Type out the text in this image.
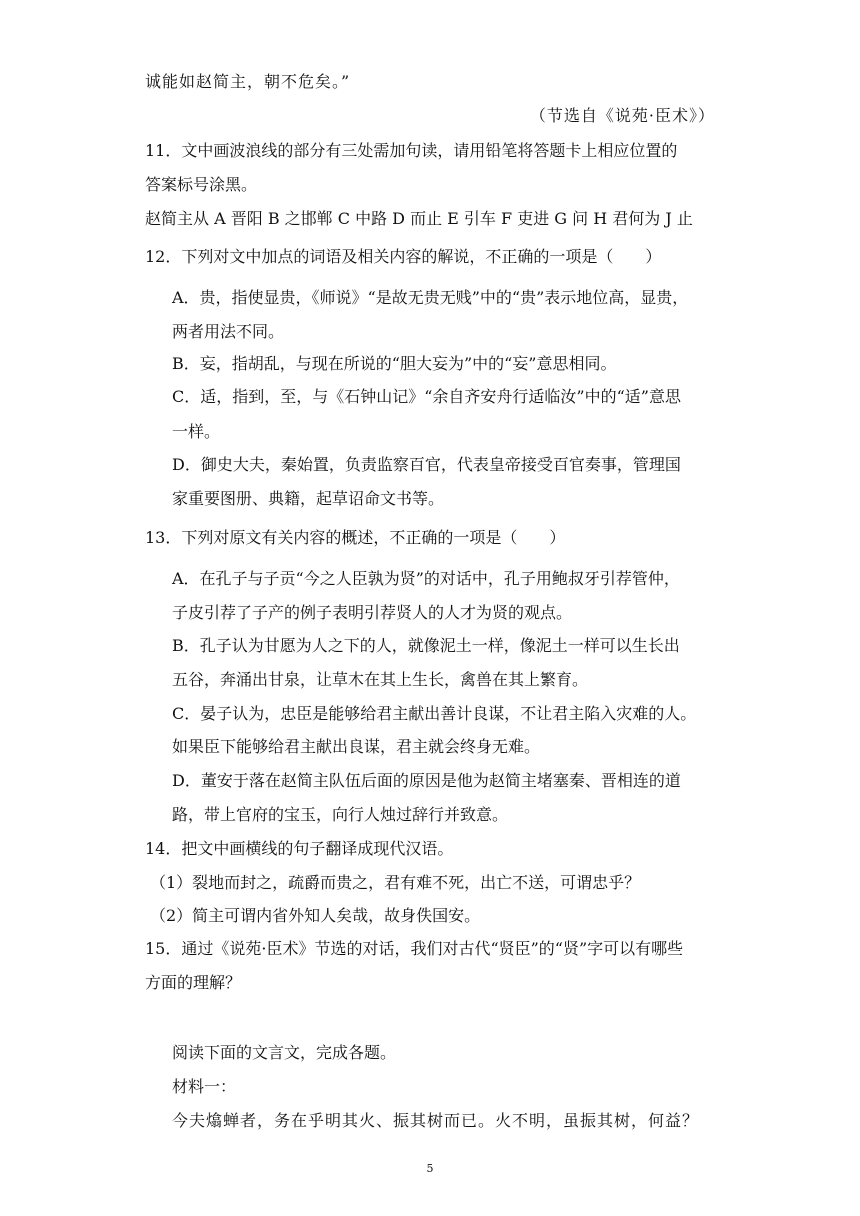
诚能如赵简主，朝不危矣。”
（节选自《说苑·臣术》）
11．文中画波浪线的部分有三处需加句读，请用铅笔将答题卡上相应位置的
答案标号涂黑。
赵简主从 A 晋阳 B 之邯郸 C 中路 D 而止 E 引车 F 吏进 G 问 H 君何为 J 止
12．下列对文中加点的词语及相关内容的解说，不正确的一项是（　　）
A．贵，指使显贵，《师说》“是故无贵无贱”中的“贵”表示地位高，显贵，
两者用法不同。
B．妄，指胡乱，与现在所说的“胆大妄为”中的“妄”意思相同。
C．适，指到，至，与《石钟山记》“余自齐安舟行适临汝”中的“适”意思
一样。
D．御史大夫，秦始置，负责监察百官，代表皇帝接受百官奏事，管理国
家重要图册、典籍，起草诏命文书等。
13．下列对原文有关内容的概述，不正确的一项是（　　）
A．在孔子与子贡“今之人臣孰为贤”的对话中，孔子用鲍叔牙引荐管仲，
子皮引荐了子产的例子表明引荐贤人的人才为贤的观点。
B．孔子认为甘愿为人之下的人，就像泥土一样，像泥土一样可以生长出
五谷，奔涌出甘泉，让草木在其上生长，禽兽在其上繁育。
C．晏子认为，忠臣是能够给君主献出善计良谋，不让君主陷入灾难的人。
如果臣下能够给君主献出良谋，君主就会终身无难。
D．董安于落在赵简主队伍后面的原因是他为赵简主堵塞秦、晋相连的道
路，带上官府的宝玉，向行人烛过辞行并致意。
14．把文中画横线的句子翻译成现代汉语。
（1）裂地而封之，疏爵而贵之，君有难不死，出亡不送，可谓忠乎？
（2）简主可谓内省外知人矣哉，故身佚国安。
15．通过《说苑·臣术》节选的对话，我们对古代“贤臣”的“贤”字可以有哪些
方面的理解？
阅读下面的文言文，完成各题。
材料一：
今夫熻蝉者，务在乎明其火、振其树而已。火不明，虽振其树，何益？
5
